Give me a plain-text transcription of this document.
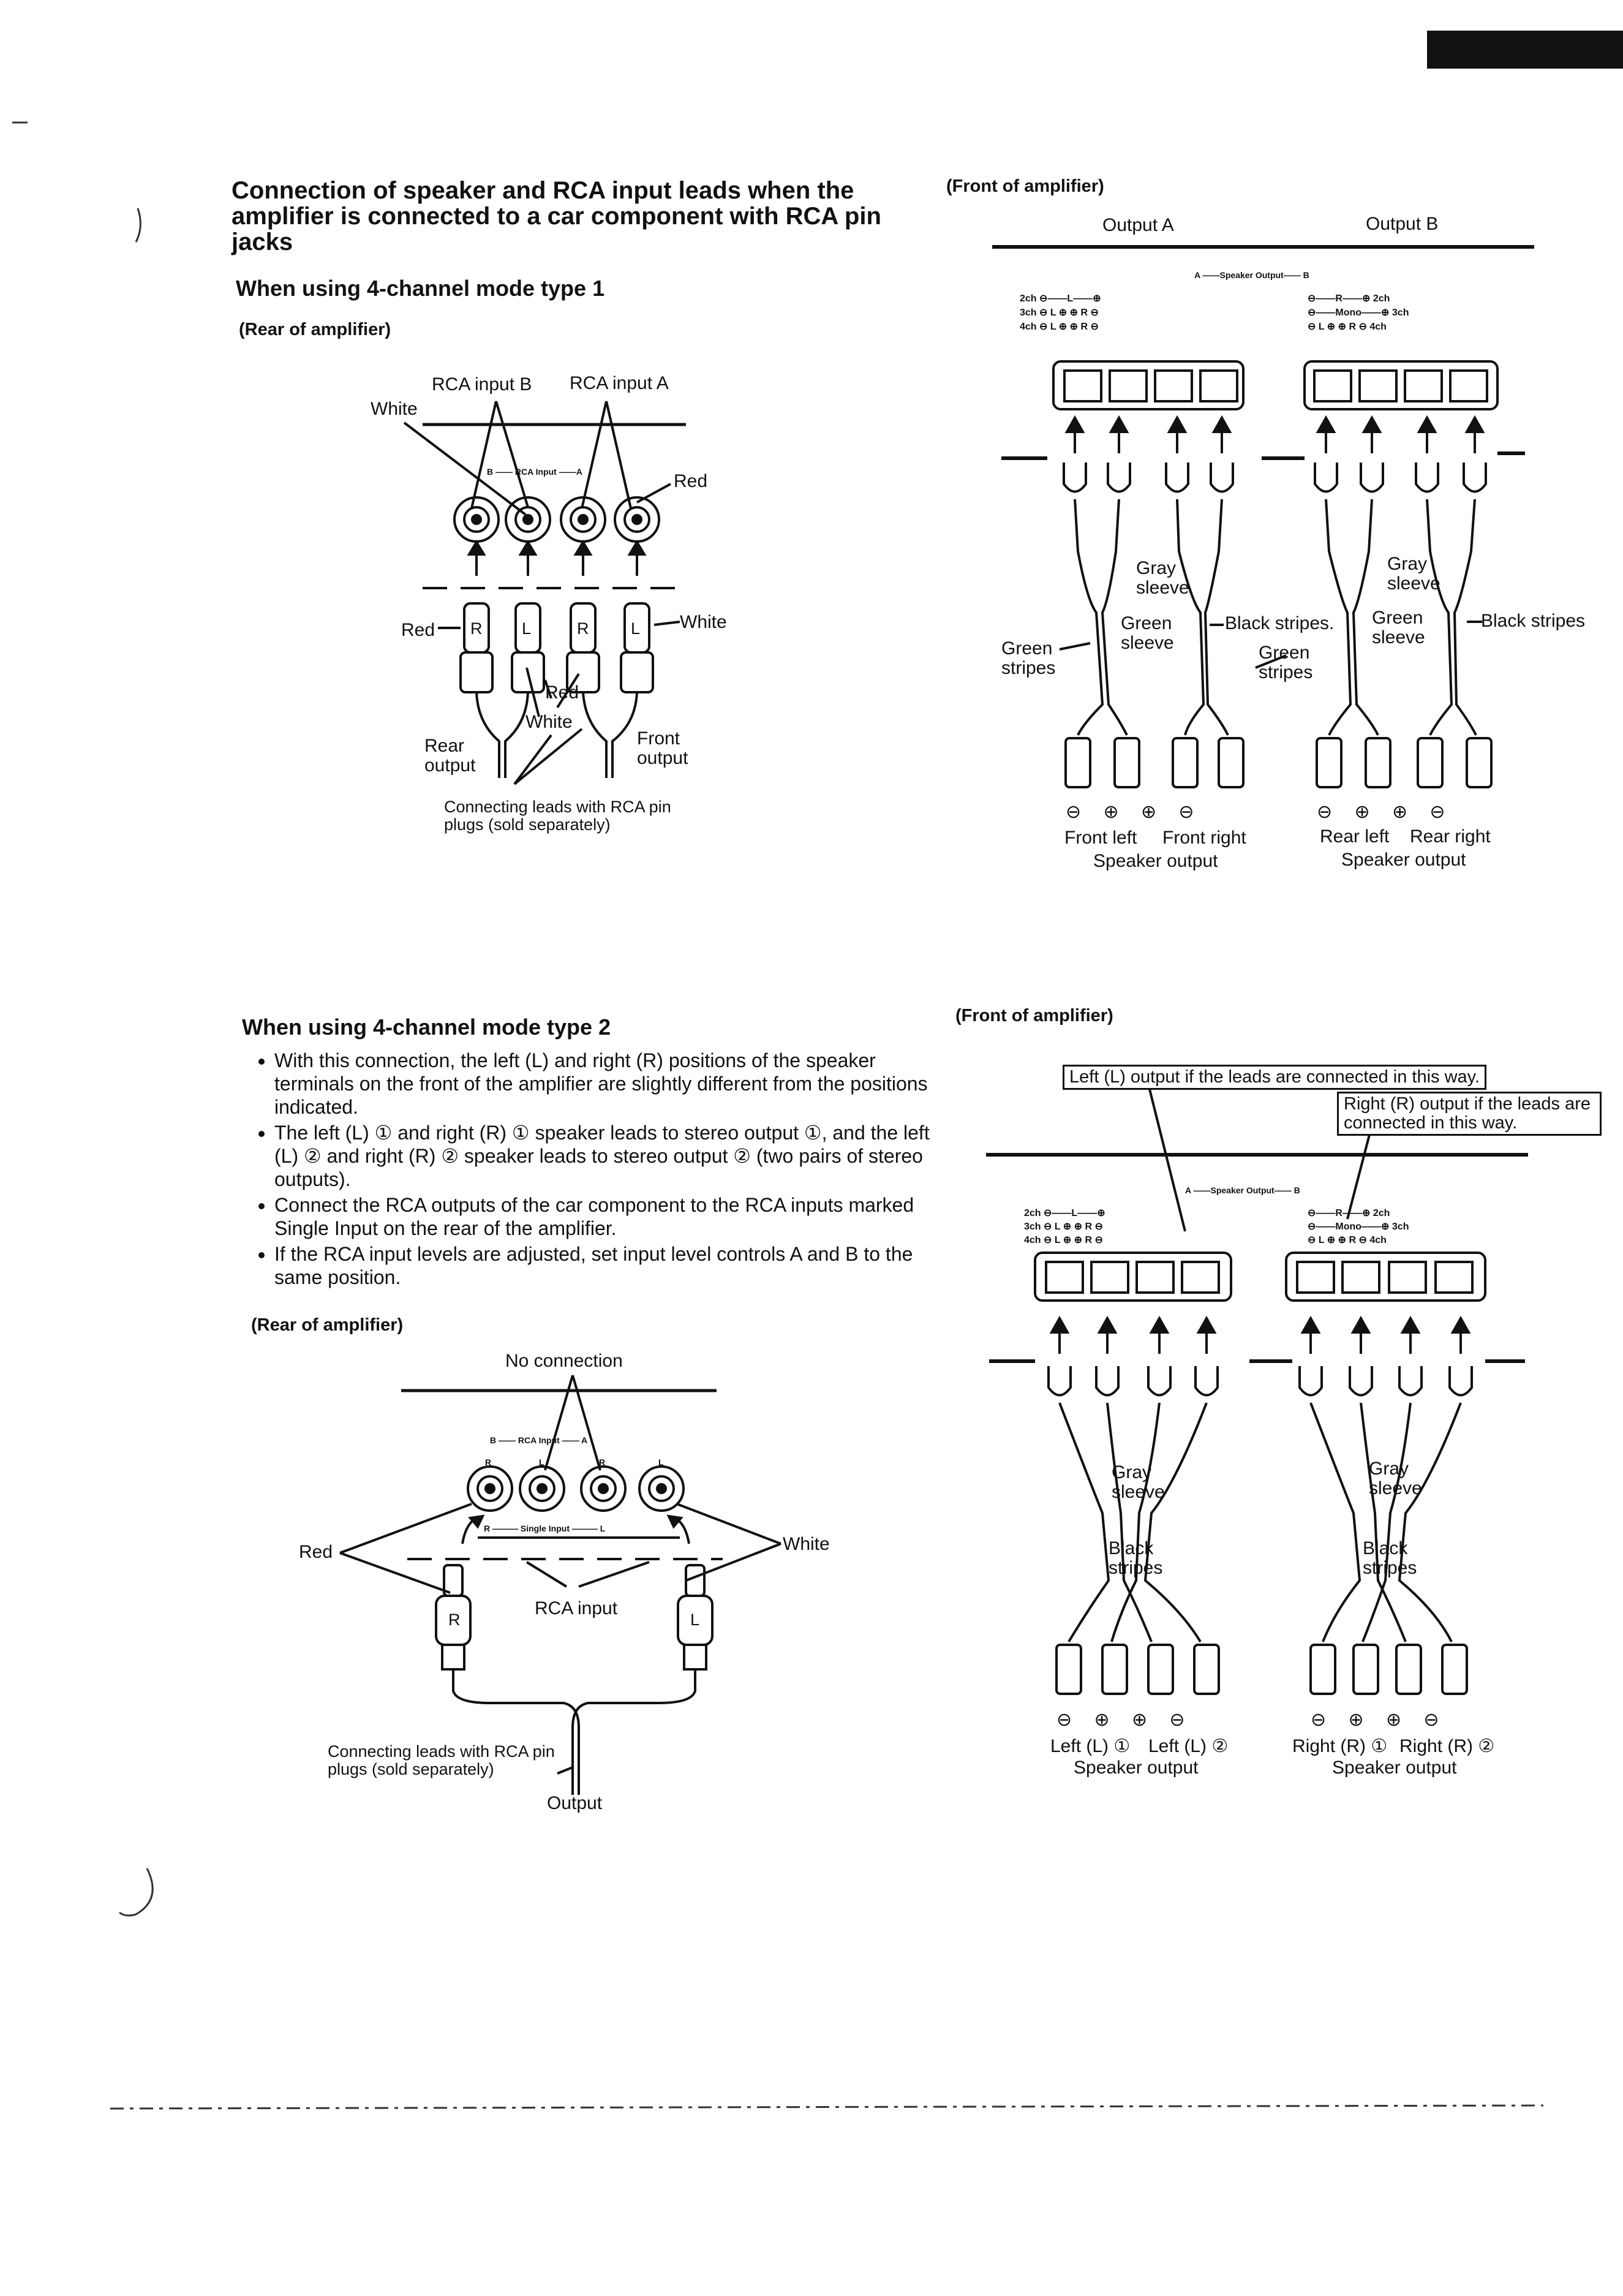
Connection of speaker and RCA input leads when the amplifier is connected to a car component with RCA pin jacks
When using 4-channel mode type 1
(Rear of amplifier)
(Front of amplifier)
B —— RCA Input ——A
RCA input B RCA input A
White
Red
Red	White
Red
White
Rear output
Front output
Connecting leads with RCA pin plugs (sold separately)
R L	R	L
A ——Speaker Output—— B
2ch ⊖——L——⊕
3ch ⊖ L ⊕ ⊕ R ⊖
4ch ⊖ L ⊕ ⊕ R ⊖
⊖——R——⊕ 2ch
⊖——Mono——⊕ 3ch
⊖ L ⊕ ⊕ R ⊖ 4ch
Output A	Output B
Gray sleeve
Green sleeve
Green stripes
Black stripes.
Green stripes
Gray sleeve
Green sleeve
Black stripes
⊖ ⊕ ⊕ ⊖	⊖ ⊕ ⊕ ⊖
Front left Front right
Speaker output
Rear left Rear right
Speaker output
When using 4-channel mode type 2
• With this connection, the left (L) and right (R) positions of the speaker terminals on the front of the amplifier are slightly different from the positions indicated.
• The left (L) ① and right (R) ① speaker leads to stereo output ①, and the left (L) ② and right (R) ② speaker leads to stereo output ② (two pairs of stereo outputs).
• Connect the RCA outputs of the car component to the RCA inputs marked Single Input on the rear of the amplifier.
• If the RCA input levels are adjusted, set input level controls A and B to the same position.
(Rear of amplifier)
(Front of amplifier)
B —— RCA Input —— A
R	L	R	L
R ——— Single Input ——— L
No connection
Red	White
RCA input
Connecting leads with RCA pin plugs (sold separately)
Output
R	L
A ——Speaker Output—— B
2ch ⊖——L——⊕
3ch ⊖ L ⊕ ⊕ R ⊖
4ch ⊖ L ⊕ ⊕ R ⊖
⊖——R——⊕ 2ch
⊖——Mono——⊕ 3ch
⊖ L ⊕ ⊕ R ⊖ 4ch
Left (L) output if the leads are connected in this way.
Right (R) output if the leads are connected in this way.
Gray sleeve
Black stripes
Gray sleeve
Black stripes
⊖ ⊕ ⊕ ⊖	⊖ ⊕ ⊕ ⊖
Left (L) ① Left (L) ②
Speaker output
Right (R) ① Right (R) ②
Speaker output
